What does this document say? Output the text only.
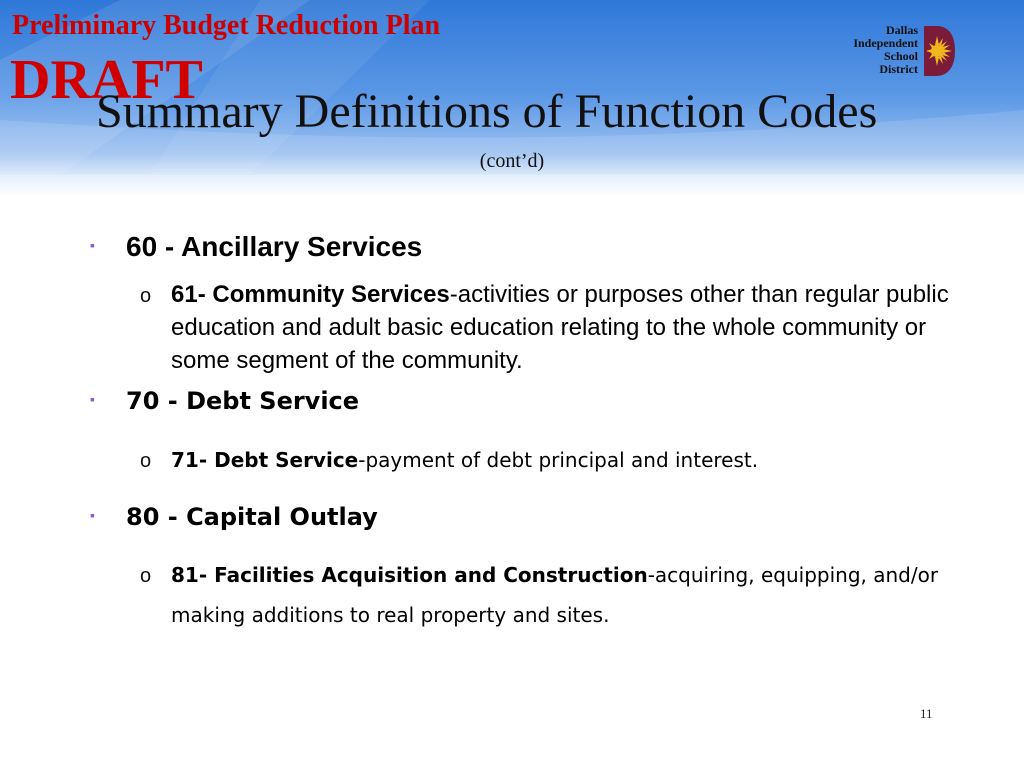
Preliminary Budget Reduction Plan
DRAFT
Summary Definitions of Function Codes
(cont’d)
Dallas
Independent
School
District
▪ 60 - Ancillary Services
o 61- Community Services-activities or purposes other than regular public education and adult basic education relating to the whole community or some segment of the community.

▪ 70 - Debt Service
o 71- Debt Service-payment of debt principal and interest.

▪ 80 - Capital Outlay
o 81- Facilities Acquisition and Construction-acquiring, equipping, and/or making additions to real property and sites.

11
